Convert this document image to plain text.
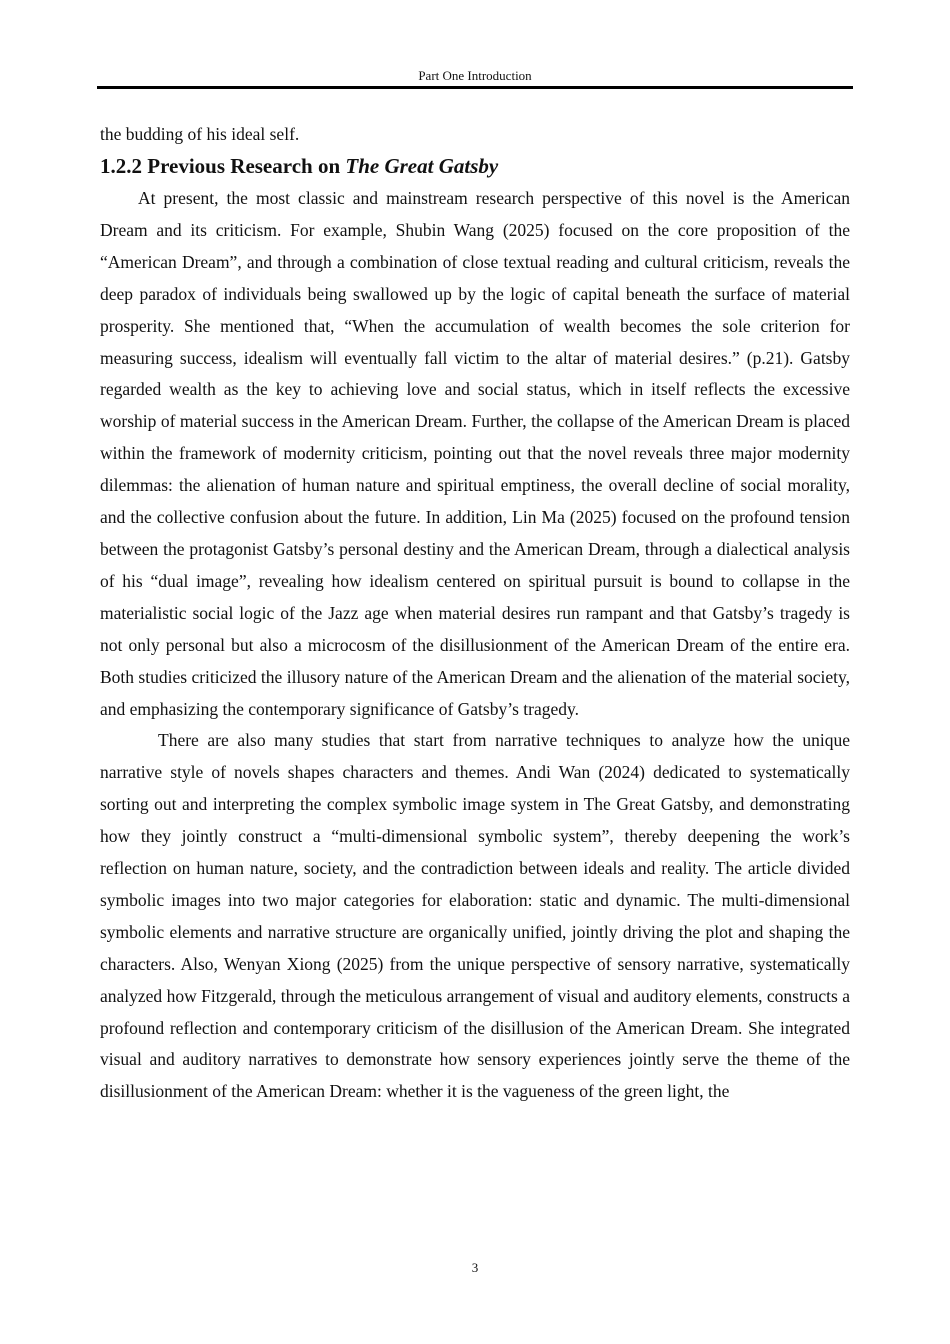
Part One Introduction

the budding of his ideal self.

1.2.2 Previous Research on The Great Gatsby

At present, the most classic and mainstream research perspective of this novel is the American Dream and its criticism. For example, Shubin Wang (2025) focused on the core proposition of the “American Dream”, and through a combination of close textual reading and cultural criticism, reveals the deep paradox of individuals being swallowed up by the logic of capital beneath the surface of material prosperity. She mentioned that, “When the accumulation of wealth becomes the sole criterion for measuring success, idealism will eventually fall victim to the altar of material desires.” (p.21). Gatsby regarded wealth as the key to achieving love and social status, which in itself reflects the excessive worship of material success in the American Dream. Further, the collapse of the American Dream is placed within the framework of modernity criticism, pointing out that the novel reveals three major modernity dilemmas: the alienation of human nature and spiritual emptiness, the overall decline of social morality, and the collective confusion about the future. In addition, Lin Ma (2025) focused on the profound tension between the protagonist Gatsby’s personal destiny and the American Dream, through a dialectical analysis of his “dual image”, revealing how idealism centered on spiritual pursuit is bound to collapse in the materialistic social logic of the Jazz age when material desires run rampant and that Gatsby’s tragedy is not only personal but also a microcosm of the disillusionment of the American Dream of the entire era. Both studies criticized the illusory nature of the American Dream and the alienation of the material society, and emphasizing the contemporary significance of Gatsby’s tragedy.

There are also many studies that start from narrative techniques to analyze how the unique narrative style of novels shapes characters and themes. Andi Wan (2024) dedicated to systematically sorting out and interpreting the complex symbolic image system in The Great Gatsby, and demonstrating how they jointly construct a “multi-dimensional symbolic system”, thereby deepening the work’s reflection on human nature, society, and the contradiction between ideals and reality. The article divided symbolic images into two major categories for elaboration: static and dynamic. The multi-dimensional symbolic elements and narrative structure are organically unified, jointly driving the plot and shaping the characters. Also, Wenyan Xiong (2025) from the unique perspective of sensory narrative, systematically analyzed how Fitzgerald, through the meticulous arrangement of visual and auditory elements, constructs a profound reflection and contemporary criticism of the disillusion of the American Dream. She integrated visual and auditory narratives to demonstrate how sensory experiences jointly serve the theme of the disillusionment of the American Dream: whether it is the vagueness of the green light, the

3
